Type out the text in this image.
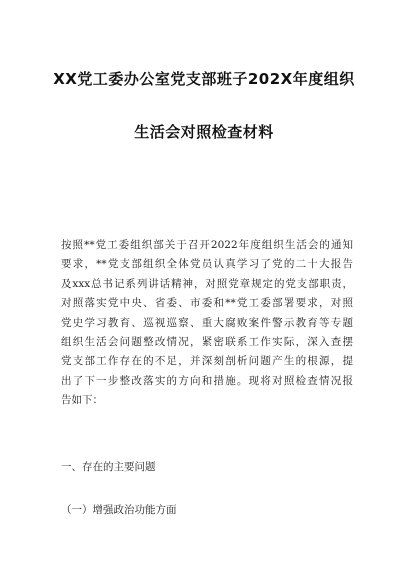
XX党工委办公室党支部班子202X年度组织
生活会对照检查材料
按照**党工委组织部关于召开2022年度组织生活会的通知
要求，**党支部组织全体党员认真学习了党的二十大报告
及xxx总书记系列讲话精神，对照党章规定的党支部职责，
对照落实党中央、省委、市委和**党工委部署要求，对照
党史学习教育、巡视巡察、重大腐败案件警示教育等专题
组织生活会问题整改情况，紧密联系工作实际，深入查摆
党支部工作存在的不足，并深刻剖析问题产生的根源，提
出了下一步整改落实的方向和措施。现将对照检查情况报
告如下：
一、存在的主要问题
（一）增强政治功能方面
